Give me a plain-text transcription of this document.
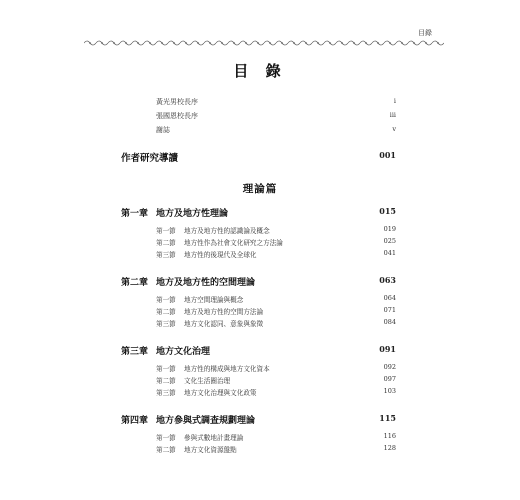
目錄
目 錄
黃光男校長序	i
張國恩校長序	iii
謝誌	v
作者研究導讀	001
理論篇
第一章 地方及地方性理論	015
第一節 地方及地方性的認識論及概念	019
第二節 地方性作為社會文化研究之方法論	025
第三節 地方性的後現代及全球化	041
第二章 地方及地方性的空間理論	063
第一節 地方空間理論與概念	064
第二節 地方及地方性的空間方法論	071
第三節 地方文化認同、意象與象徵	084
第三章 地方文化治理	091
第一節 地方性的構成與地方文化資本	092
第二節 文化生活圈治理	097
第三節 地方文化治理與文化政策	103
第四章 地方參與式調查規劃理論	115
第一節 參與式數地計畫理論	116
第二節 地方文化資源盤點	128
